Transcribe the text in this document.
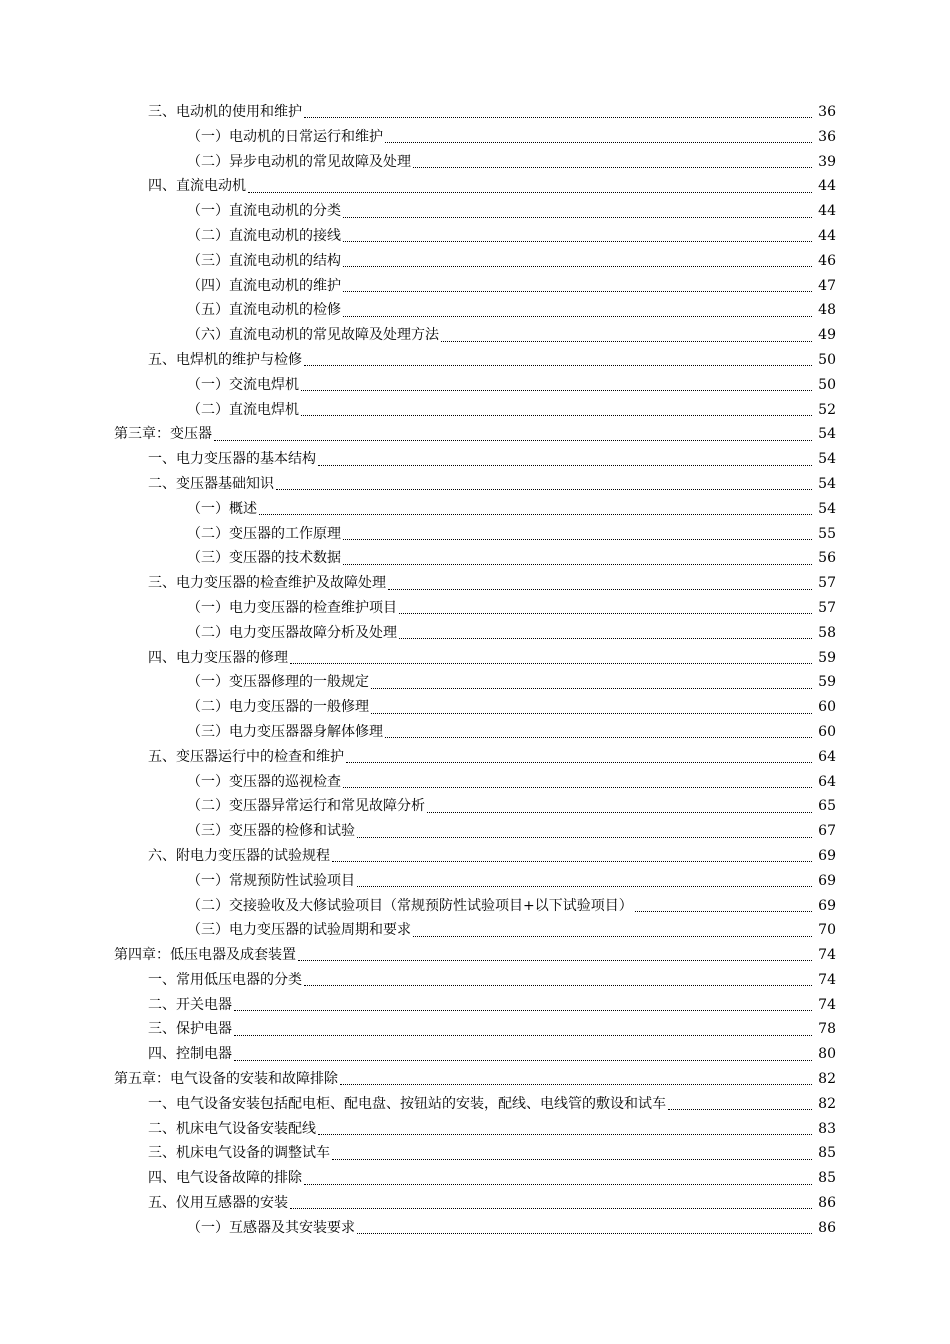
三、电动机的使用和维护	36
（一）电动机的日常运行和维护	36
（二）异步电动机的常见故障及处理	39
四、直流电动机	44
（一）直流电动机的分类	44
（二）直流电动机的接线	44
（三）直流电动机的结构	46
（四）直流电动机的维护	47
（五）直流电动机的检修	48
（六）直流电动机的常见故障及处理方法	49
五、电焊机的维护与检修	50
（一）交流电焊机	50
（二）直流电焊机	52
第三章：变压器	54
一、电力变压器的基本结构	54
二、变压器基础知识	54
（一）概述	54
（二）变压器的工作原理	55
（三）变压器的技术数据	56
三、电力变压器的检查维护及故障处理	57
（一）电力变压器的检查维护项目	57
（二）电力变压器故障分析及处理	58
四、电力变压器的修理	59
（一）变压器修理的一般规定	59
（二）电力变压器的一般修理	60
（三）电力变压器器身解体修理	60
五、变压器运行中的检查和维护	64
（一）变压器的巡视检查	64
（二）变压器异常运行和常见故障分析	65
（三）变压器的检修和试验	67
六、附电力变压器的试验规程	69
（一）常规预防性试验项目	69
（二）交接验收及大修试验项目（常规预防性试验项目+以下试验项目）	69
（三）电力变压器的试验周期和要求	70
第四章：低压电器及成套装置	74
一、常用低压电器的分类	74
二、开关电器	74
三、保护电器	78
四、控制电器	80
第五章：电气设备的安装和故障排除	82
一、电气设备安装包括配电柜、配电盘、按钮站的安装，配线、电线管的敷设和试车	82
二、机床电气设备安装配线	83
三、机床电气设备的调整试车	85
四、电气设备故障的排除	85
五、仪用互感器的安装	86
（一）互感器及其安装要求	86
